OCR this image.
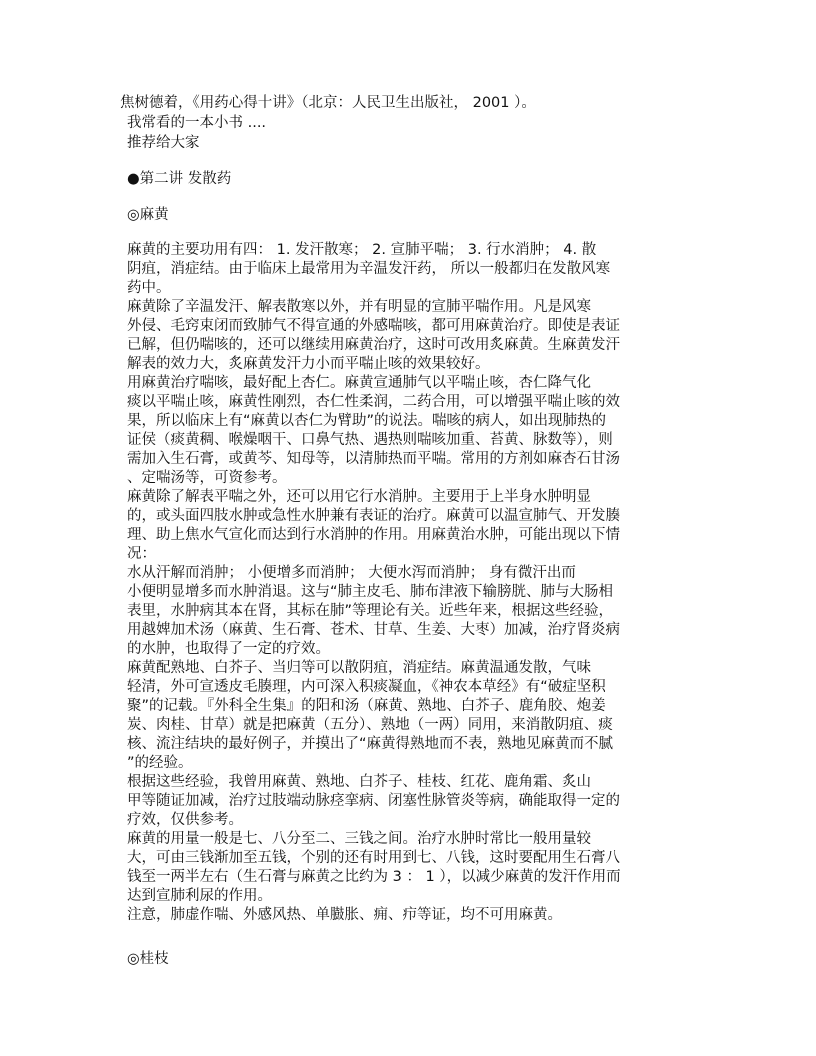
焦树德着，《用药心得十讲》（北京：人民卫生出版社， 2001 ）。
我常看的一本小书 ....
推荐给大家
●第二讲 发散药
◎麻黄
麻黄的主要功用有四： 1. 发汗散寒； 2. 宣肺平喘； 3. 行水消肿； 4. 散
阴疽，消症结。由于临床上最常用为辛温发汗药， 所以一般都归在发散风寒
药中。
麻黄除了辛温发汗、解表散寒以外，并有明显的宣肺平喘作用。凡是风寒
外侵、毛窍束闭而致肺气不得宣通的外感喘咳，都可用麻黄治疗。即使是表证
已解，但仍喘咳的，还可以继续用麻黄治疗，这时可改用炙麻黄。生麻黄发汗
解表的效力大，炙麻黄发汗力小而平喘止咳的效果较好。
用麻黄治疗喘咳，最好配上杏仁。麻黄宣通肺气以平喘止咳，杏仁降气化
痰以平喘止咳，麻黄性刚烈，杏仁性柔润，二药合用，可以增强平喘止咳的效
果，所以临床上有“麻黄以杏仁为臂助”的说法。喘咳的病人，如出现肺热的
证侯（痰黄稠、喉燥咽干、口鼻气热、遇热则喘咳加重、苔黄、脉数等），则
需加入生石膏，或黄芩、知母等，以清肺热而平喘。常用的方剂如麻杏石甘汤
、定喘汤等，可资参考。
麻黄除了解表平喘之外，还可以用它行水消肿。主要用于上半身水肿明显
的，或头面四肢水肿或急性水肿兼有表证的治疗。麻黄可以温宣肺气、开发腠
理、助上焦水气宣化而达到行水消肿的作用。用麻黄治水肿，可能出现以下情
况：
水从汗解而消肿； 小便增多而消肿； 大便水泻而消肿； 身有微汗出而
小便明显增多而水肿消退。这与“肺主皮毛、肺布津液下输膀胱、肺与大肠相
表里，水肿病其本在肾，其标在肺”等理论有关。近些年来，根据这些经验，
用越婢加术汤（麻黄、生石膏、苍术、甘草、生姜、大枣）加减，治疗肾炎病
的水肿，也取得了一定的疗效。
麻黄配熟地、白芥子、当归等可以散阴疽，消症结。麻黄温通发散，气味
轻清，外可宣透皮毛腠理，内可深入积痰凝血，《神农本草经》有“破症坚积
聚”的记载。『外科全生集』的阳和汤（麻黄、熟地、白芥子、鹿角胶、炮姜
炭、肉桂、甘草）就是把麻黄（五分）、熟地（一两）同用，来消散阴疽、痰
核、流注结块的最好例子，并摸出了“麻黄得熟地而不表，熟地见麻黄而不腻
”的经验。
根据这些经验，我曾用麻黄、熟地、白芥子、桂枝、红花、鹿角霜、炙山
甲等随证加减，治疗过肢端动脉痉挛病、闭塞性脉管炎等病，确能取得一定的
疗效，仅供参考。
麻黄的用量一般是七、八分至二、三钱之间。治疗水肿时常比一般用量较
大，可由三钱渐加至五钱，个别的还有时用到七、八钱，这时要配用生石膏八
钱至一两半左右（生石膏与麻黄之比约为 3 ： 1 ），以减少麻黄的发汗作用而
达到宣肺利尿的作用。
注意，肺虚作喘、外感风热、单臌胀、痈、疖等证，均不可用麻黄。
◎桂枝
